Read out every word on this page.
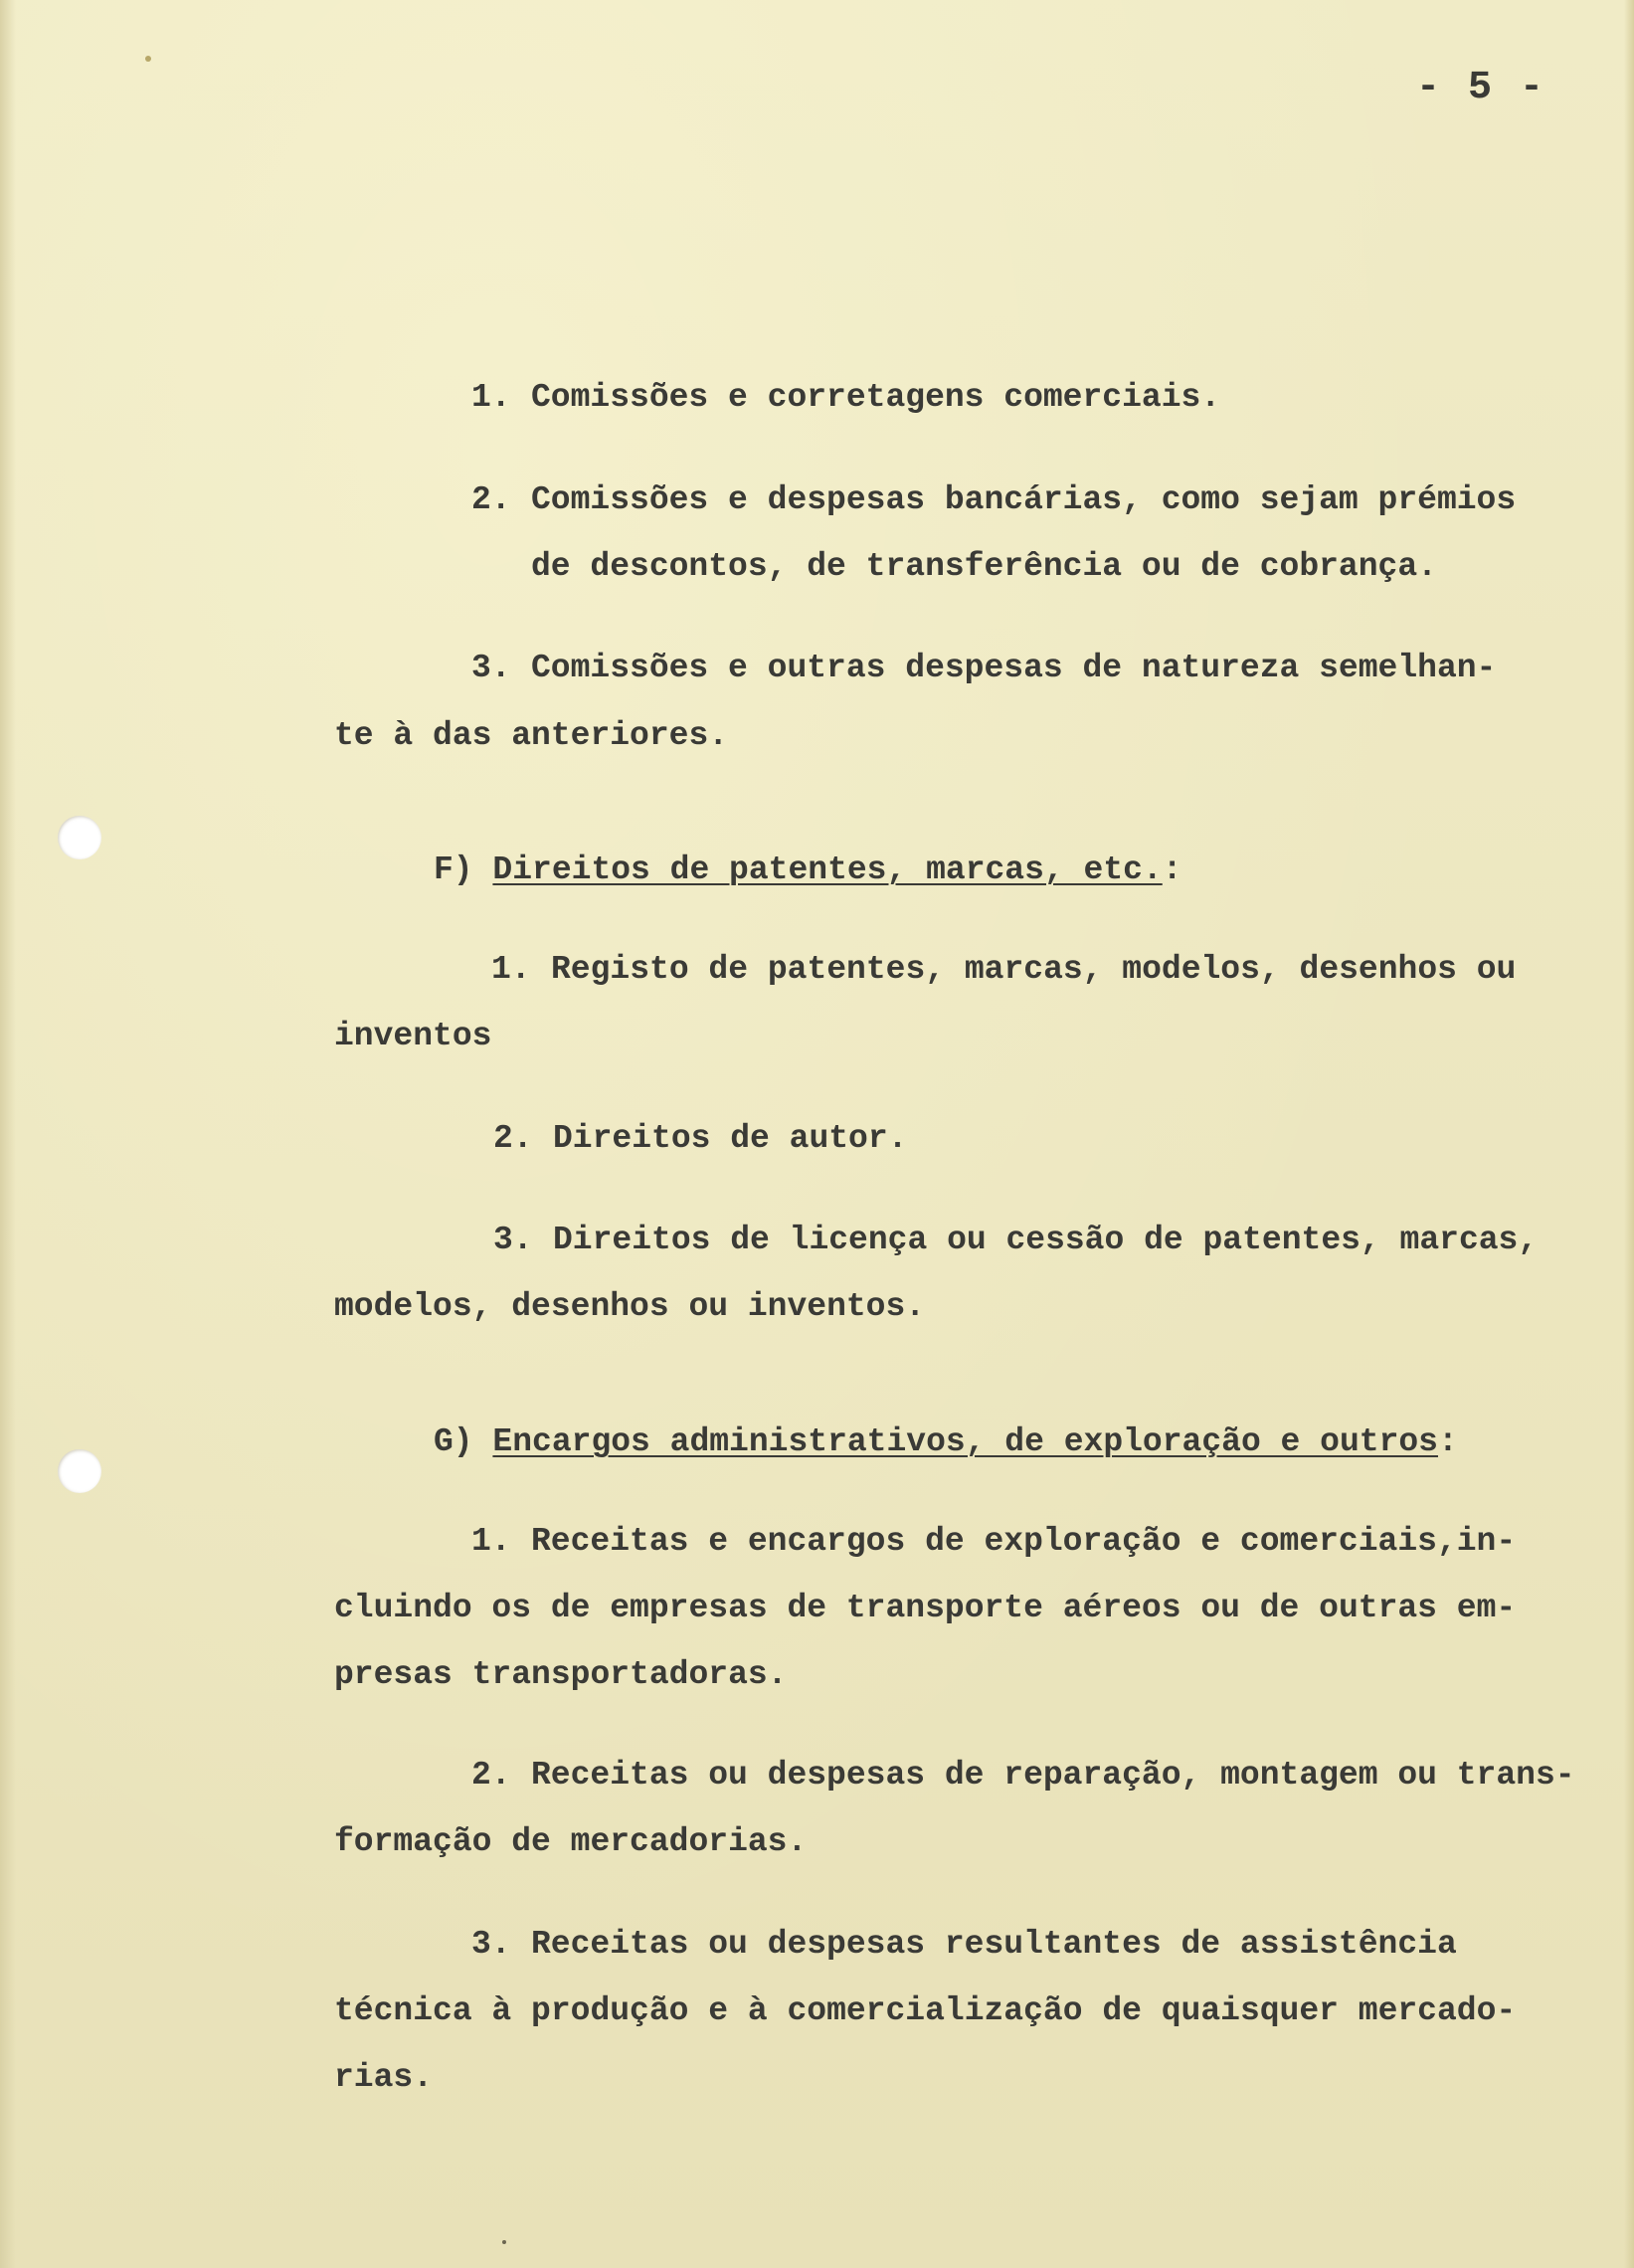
- 5 -
1. Comissões e corretagens comerciais.
2. Comissões e despesas bancárias, como sejam prémios
de descontos, de transferência ou de cobrança.
3. Comissões e outras despesas de natureza semelhan-
te à das anteriores.
F) Direitos de patentes, marcas, etc.:
1. Registo de patentes, marcas, modelos, desenhos ou
inventos
2. Direitos de autor.
3. Direitos de licença ou cessão de patentes, marcas,
modelos, desenhos ou inventos.
G) Encargos administrativos, de exploração e outros:
1. Receitas e encargos de exploração e comerciais,in-
cluindo os de empresas de transporte aéreos ou de outras em-
presas transportadoras.
2. Receitas ou despesas de reparação, montagem ou trans-
formação de mercadorias.
3. Receitas ou despesas resultantes de assistência
técnica à produção e à comercialização de quaisquer mercado-
rias.
